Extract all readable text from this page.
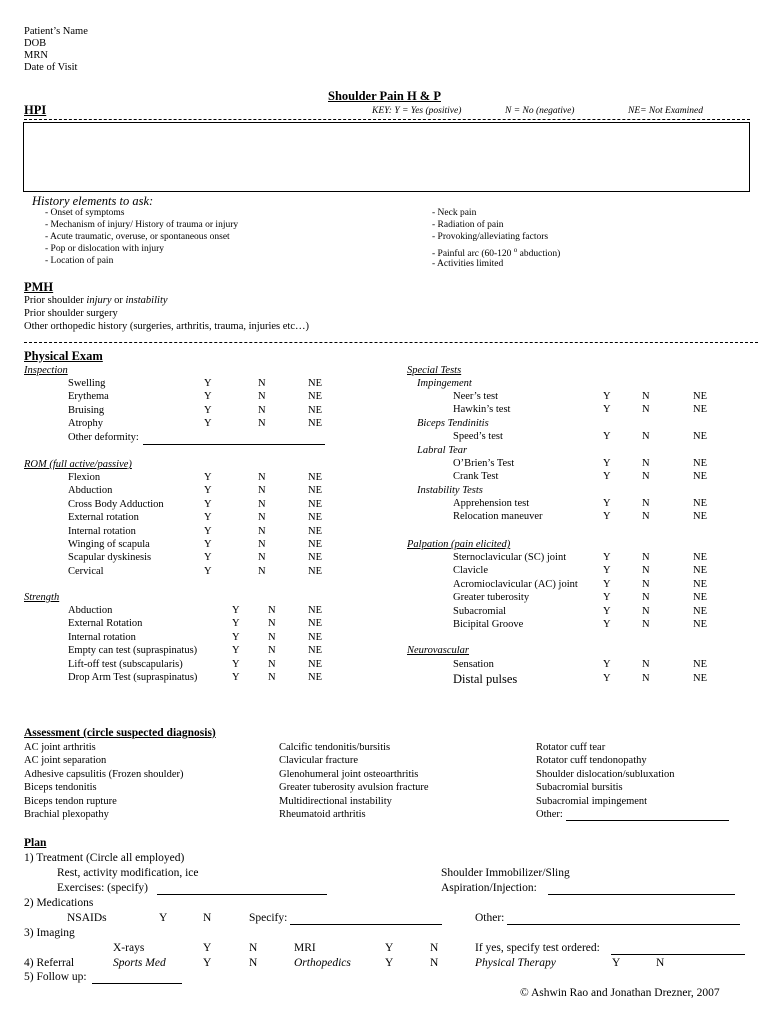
Patient’s Name
DOB
MRN
Date of Visit
Shoulder Pain H & P
HPI	KEY: Y = Yes (positive)	N = No (negative)	NE= Not Examined
History elements to ask:
- Onset of symptoms
- Mechanism of injury/ History of trauma or injury
- Acute traumatic, overuse, or spontaneous onset
- Pop or dislocation with injury
- Location of pain
- Neck pain
- Radiation of pain
- Provoking/alleviating factors
- Painful arc (60-120 $^o$ abduction)
- Activities limited
PMH
Prior shoulder injury or instability
Prior shoulder surgery
Other orthopedic history (surgeries, arthritis, trauma, injuries etc…)
Physical Exam
Inspection
Swelling	Y	N	NE
Erythema	Y	N	NE
Bruising	Y	N	NE
Atrophy	Y	N	NE
Other deformity:
ROM (full active/passive)
Flexion	Y	N	NE
Abduction	Y	N	NE
Cross Body Adduction	Y	N	NE
External rotation	Y	N	NE
Internal rotation	Y	N	NE
Winging of scapula	Y	N	NE
Scapular dyskinesis	Y	N	NE
Cervical	Y	N	NE
Strength
Abduction	Y	N	NE
External Rotation	Y	N	NE
Internal rotation	Y	N	NE
Empty can test (supraspinatus)	Y	N	NE
Lift-off test (subscapularis)	Y	N	NE
Drop Arm Test (supraspinatus)	Y	N	NE
Special Tests
Impingement
Neer’s test	Y	N	NE
Hawkin’s test	Y	N	NE
Biceps Tendinitis
Speed’s test	Y	N	NE
Labral Tear
O’Brien’s Test	Y	N	NE
Crank Test	Y	N	NE
Instability Tests
Apprehension test	Y	N	NE
Relocation maneuver	Y	N	NE
Palpation (pain elicited)
Sternoclavicular (SC) joint	Y	N	NE
Clavicle	Y	N	NE
Acromioclavicular (AC) joint Y	N	NE
Greater tuberosity	Y	N	NE
Subacromial	Y	N	NE
Bicipital Groove	Y	N	NE
Neurovascular
Sensation	Y	N	NE
Distal pulses	Y	N	NE
Assessment (circle suspected diagnosis)
AC joint arthritis
AC joint separation
Adhesive capsulitis (Frozen shoulder)
Biceps tendonitis
Biceps tendon rupture
Brachial plexopathy
Calcific tendonitis/bursitis
Clavicular fracture
Glenohumeral joint osteoarthritis
Greater tuberosity avulsion fracture
Multidirectional instability
Rheumatoid arthritis
Rotator cuff tear
Rotator cuff tendonopathy
Shoulder dislocation/subluxation
Subacromial bursitis
Subacromial impingement
Other:
Plan
1) Treatment (Circle all employed)
Rest, activity modification, ice
Exercises: (specify)
Shoulder Immobilizer/Sling
Aspiration/Injection:
2) Medications
NSAIDs	Y	N	Specify:	Other:
3) Imaging
X-rays	Y	N	MRI	Y	N	If yes, specify test ordered:
4) Referral	Sports Med	Y	N	Orthopedics	Y	N	Physical Therapy	Y	N
5) Follow up:
© Ashwin Rao and Jonathan Drezner, 2007
